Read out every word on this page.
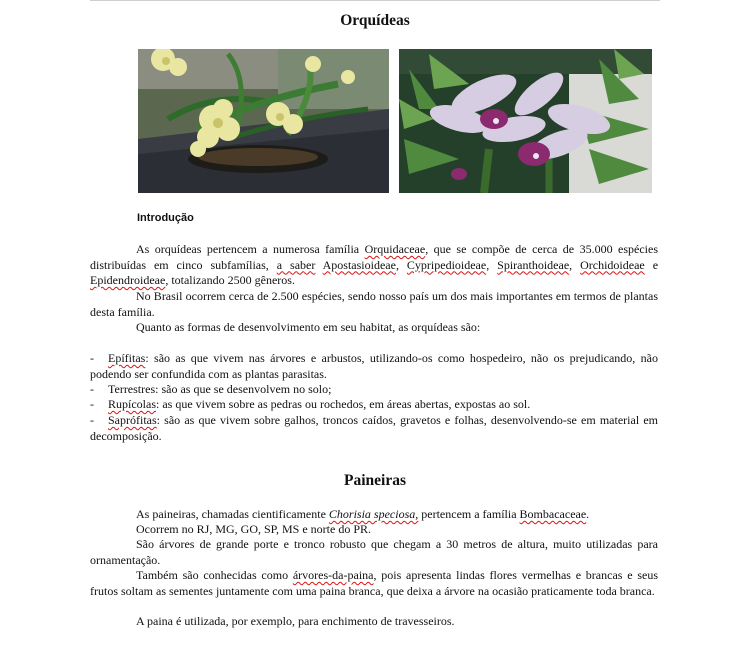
Orquídeas
Introdução

As orquídeas pertencem a numerosa família Orquidaceae, que se compõe de cerca de 35.000 espécies distribuídas em cinco subfamílias, a saber Apostasioideae, Cypripedioideae, Spiranthoideae, Orchidoideae e Epidendroideae, totalizando 2500 gêneros.

No Brasil ocorrem cerca de 2.500 espécies, sendo nosso país um dos mais importantes em termos de plantas desta família.

Quanto as formas de desenvolvimento em seu habitat, as orquídeas são:

- Epífitas: são as que vivem nas árvores e arbustos, utilizando-os como hospedeiro, não os prejudicando, não podendo ser confundida com as plantas parasitas.

- Terrestres: são as que se desenvolvem no solo;

- Rupícolas: as que vivem sobre as pedras ou rochedos, em áreas abertas, expostas ao sol.

- Saprófitas: são as que vivem sobre galhos, troncos caídos, gravetos e folhas, desenvolvendo-se em material em decomposição.

Paineiras

As paineiras, chamadas cientificamente Chorisia speciosa, pertencem a família Bombacaceae.

Ocorrem no RJ, MG, GO, SP, MS e norte do PR.

São árvores de grande porte e tronco robusto que chegam a 30 metros de altura, muito utilizadas para ornamentação.

Também são conhecidas como árvores-da-paina, pois apresenta lindas flores vermelhas e brancas e seus frutos soltam as sementes juntamente com uma paina branca, que deixa a árvore na ocasião praticamente toda branca.

A paina é utilizada, por exemplo, para enchimento de travesseiros.
